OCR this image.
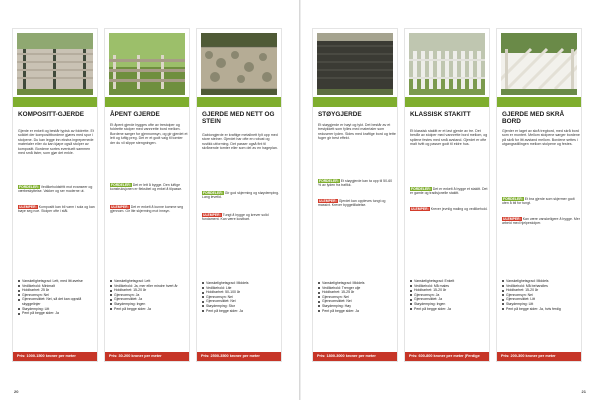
KOMPOSITT-GJERDE
Gjerde er enkelt og består typisk av foldrette. Et solidet der komposittbordene gjøres med spor i stolpene. Du kan legge inn ekstra ingrepernede materialer eller du kan kjøpe også stolper av kompositt. Bordene sortes eventuelt sammen med små lister, som gjør det enkle.
FORDELER: Vedlikeholdsfritt mot evanseer og værbeskyttelse. Vakker og ser moderne ut.
ULEMPER: Kompositt kan bli varm i sola og kan bøye seg noe. Stolper ofte i stål.
Vanskelighetsgrad: Lett, med litt øvelse
Vedlikehold: Minimalt
Holdbarhet: 25 år
Gjennomsyn: Nei
Gjennomsiktet: Nei, så det kan oppstå skyggelinjer
Støydemping: Litt
Pent på begge sider: Ja
Pris: 1000-1500 kroner per meter
ÅPENT GJERDE
Et åpent gjerde bygges ofte av trestolper og foldrette stolper med vannrette bord mellom. Bordene sørger for gjennomsyn, og gir gjerdet et lett og luftig preg. Det er et godt valg til tomter der du vil slippe stengningen.
FORDELER: Det er lett å bygge. Den luftige konstruksjonen er fleksibel og enkel å tilpasse.
ULEMPER: Det er enkelt å kunne komme seg gjennom. Gir lite skjerming mot innsyn.
Vanskelighetsgrad: Lett
Vedlikehold: Ja, mer eller mindre hvert år
Holdbarhet: 15-20 år
Gjennomsyn: Ja
Gjennomsiktet: Ja
Støydemping: Ingen
Pent på begge sider: Ja
Pris: 30-200 kroner per meter
GJERDE MED NETT OG STEIN
Gabiongjerde er kraftige metallnett fylt opp med store steiner. Gjerdet har ofte en robust og rustikk utforming. Det passer også fint til skrånende tomter eller som del av en hageplan.
FORDELER: Gir god skjerming og støydemping. Lang levetid.
ULEMPER: Tungt å bygge og krever solid fundament. Kan være kostbart.
Vanskelighetsgrad: Middels
Vedlikehold: Lite
Holdbarhet: 50-100 år
Gjennomsyn: Nei
Gjennomsiktet: Nei
Støydemping: Stor
Pent på begge sider: Ja
Pris: 2500-3500 kroner per meter
STØYGJERDE
Et støygjerde er høyt og tykt. Det består av et trestykkett som fylles med materialer som reduserer lyden. Sides med kraftige bord og tette fuger gir best effekt.
FORDELER: Et støygjerde kan ta opp til 50-60 % av lyden fra trafikk.
ULEMPER: Gjerdet kan oppleves tungt og massivt. Krever byggetillatelse.
Vanskelighetsgrad: Middels
Vedlikehold: Trenger olje
Holdbarhet: 15-25 år
Gjennomsyn: Nei
Gjennomsiktet: Nei
Støydemping: Høy
Pent på begge sider: Ja
Pris: 1800-3000 kroner per meter
KLASSISK STAKITT
Et klassisk stakitt er et lavt gjerde av tre. Det består av stolper med vannrette bord mellom, og spilene festes med små avstand. Gjerdet er ofte malt hvitt og passer godt til eldre hus.
FORDELER: Det er enkelt å bygge et stakitt. Det er gamle og tradisjonelle stakitt.
ULEMPER: Krever jevnlig maling og vedlikehold.
Vanskelighetsgrad: Enkelt
Vedlikehold: Må males
Holdbarhet: 15-20 år
Gjennomsyn: Ja
Gjennomsiktet: Ja
Støydemping: Ingen
Pent på begge sider: Ja
Pris: 600-800 kroner per meter (Ferdige moduler)
GJERDE MED SKRÅ BORD
Gjerder er laget av skrå tregbord, med skrå bord som er montert. Mellom stolpene sørger bordene på skrå for litt avstand mellom. Bordene settes i utgangsstillingen mellom stolpene og festes.
FORDELER: Et bra gjerde som skjermer godt uten å bli for tungt.
ULEMPER: Kan være vanskeligere å bygge. Mer arbeid med hjelpestolper.
Vanskelighetsgrad: Middels
Vedlikehold: Må behandles
Holdbarhet: 15-20 år
Gjennomsyn: Nei
Gjennomsiktet: Litt
Støydemping: Litt
Pent på begge sider: Ja, hvis ferdig
Pris: 200-300 kroner per meter
20	21
